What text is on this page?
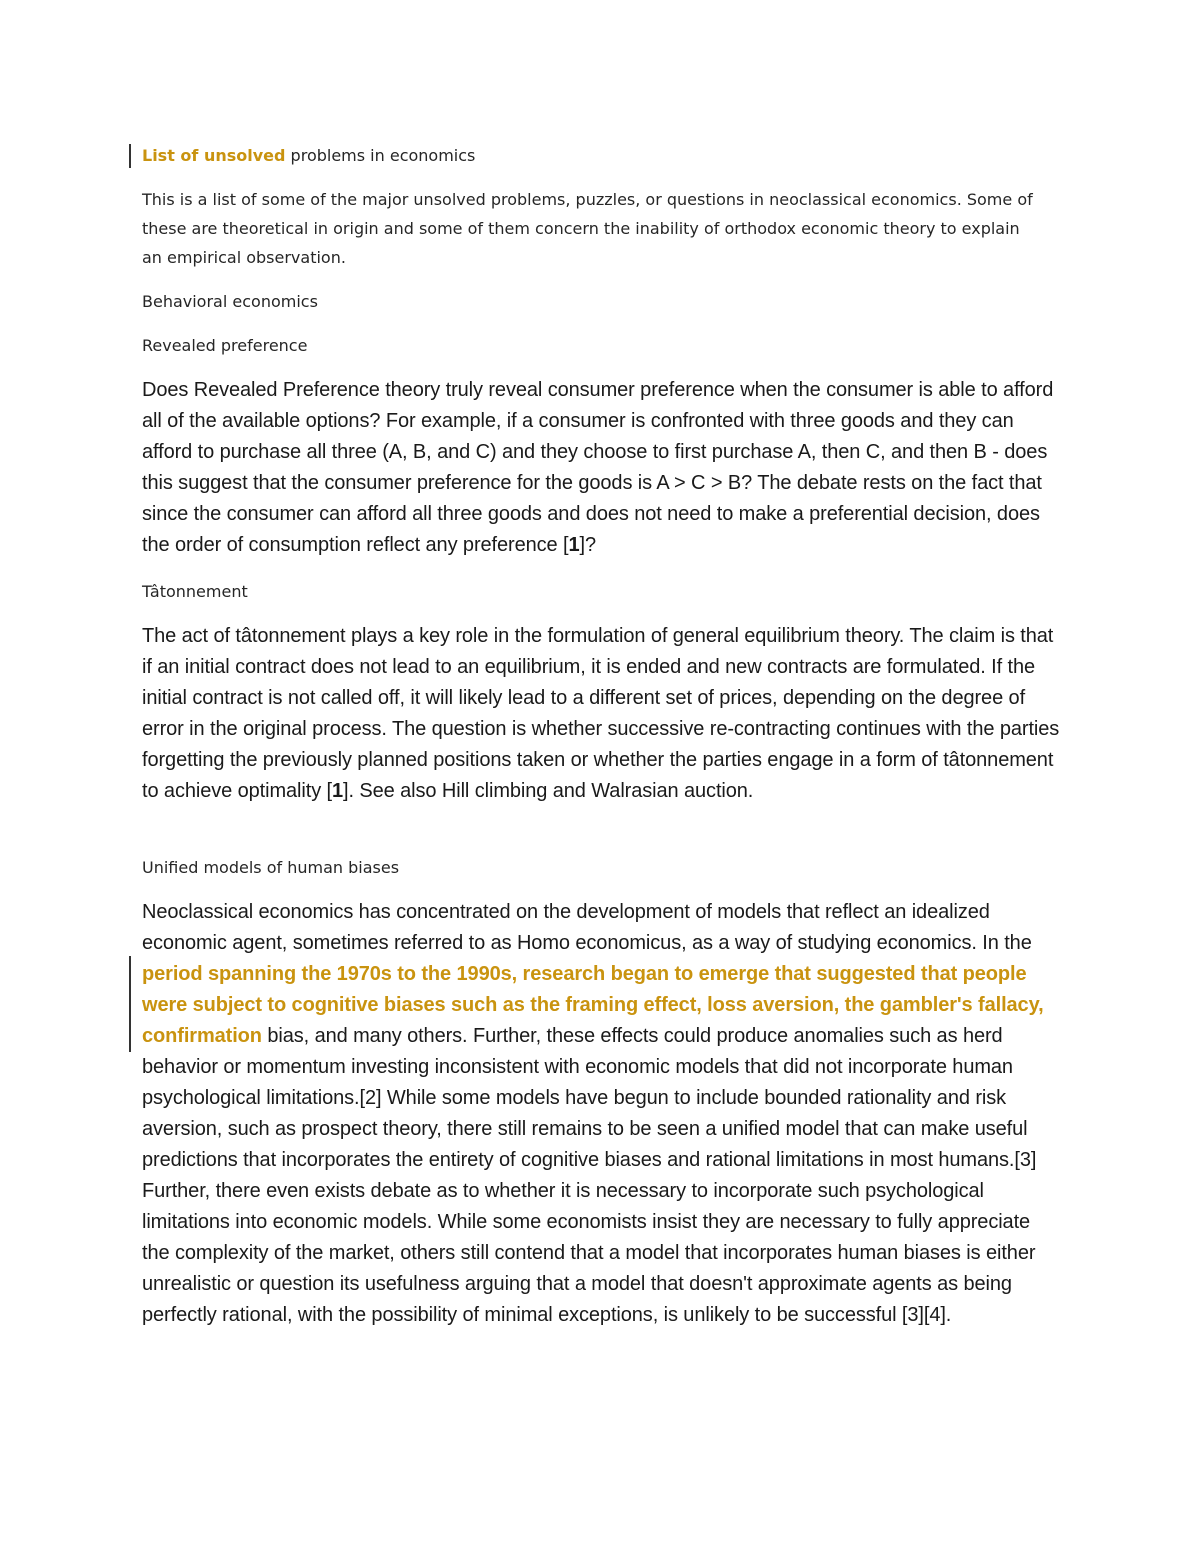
List of unsolved problems in economics

This is a list of some of the major unsolved problems, puzzles, or questions in neoclassical economics. Some of these are theoretical in origin and some of them concern the inability of orthodox economic theory to explain an empirical observation.

Behavioral economics

Revealed preference

Does Revealed Preference theory truly reveal consumer preference when the consumer is able to afford all of the available options? For example, if a consumer is confronted with three goods and they can afford to purchase all three (A, B, and C) and they choose to first purchase A, then C, and then B - does this suggest that the consumer preference for the goods is A > C > B? The debate rests on the fact that since the consumer can afford all three goods and does not need to make a preferential decision, does the order of consumption reflect any preference [1]?

Tâtonnement

The act of tâtonnement plays a key role in the formulation of general equilibrium theory. The claim is that if an initial contract does not lead to an equilibrium, it is ended and new contracts are formulated. If the initial contract is not called off, it will likely lead to a different set of prices, depending on the degree of error in the original process. The question is whether successive re-contracting continues with the parties forgetting the previously planned positions taken or whether the parties engage in a form of tâtonnement to achieve optimality [1]. See also Hill climbing and Walrasian auction.

Unified models of human biases

Neoclassical economics has concentrated on the development of models that reflect an idealized economic agent, sometimes referred to as Homo economicus, as a way of studying economics. In the period spanning the 1970s to the 1990s, research began to emerge that suggested that people were subject to cognitive biases such as the framing effect, loss aversion, the gambler's fallacy, confirmation bias, and many others. Further, these effects could produce anomalies such as herd behavior or momentum investing inconsistent with economic models that did not incorporate human psychological limitations.[2] While some models have begun to include bounded rationality and risk aversion, such as prospect theory, there still remains to be seen a unified model that can make useful predictions that incorporates the entirety of cognitive biases and rational limitations in most humans.[3] Further, there even exists debate as to whether it is necessary to incorporate such psychological limitations into economic models. While some economists insist they are necessary to fully appreciate the complexity of the market, others still contend that a model that incorporates human biases is either unrealistic or question its usefulness arguing that a model that doesn't approximate agents as being perfectly rational, with the possibility of minimal exceptions, is unlikely to be successful [3][4].
